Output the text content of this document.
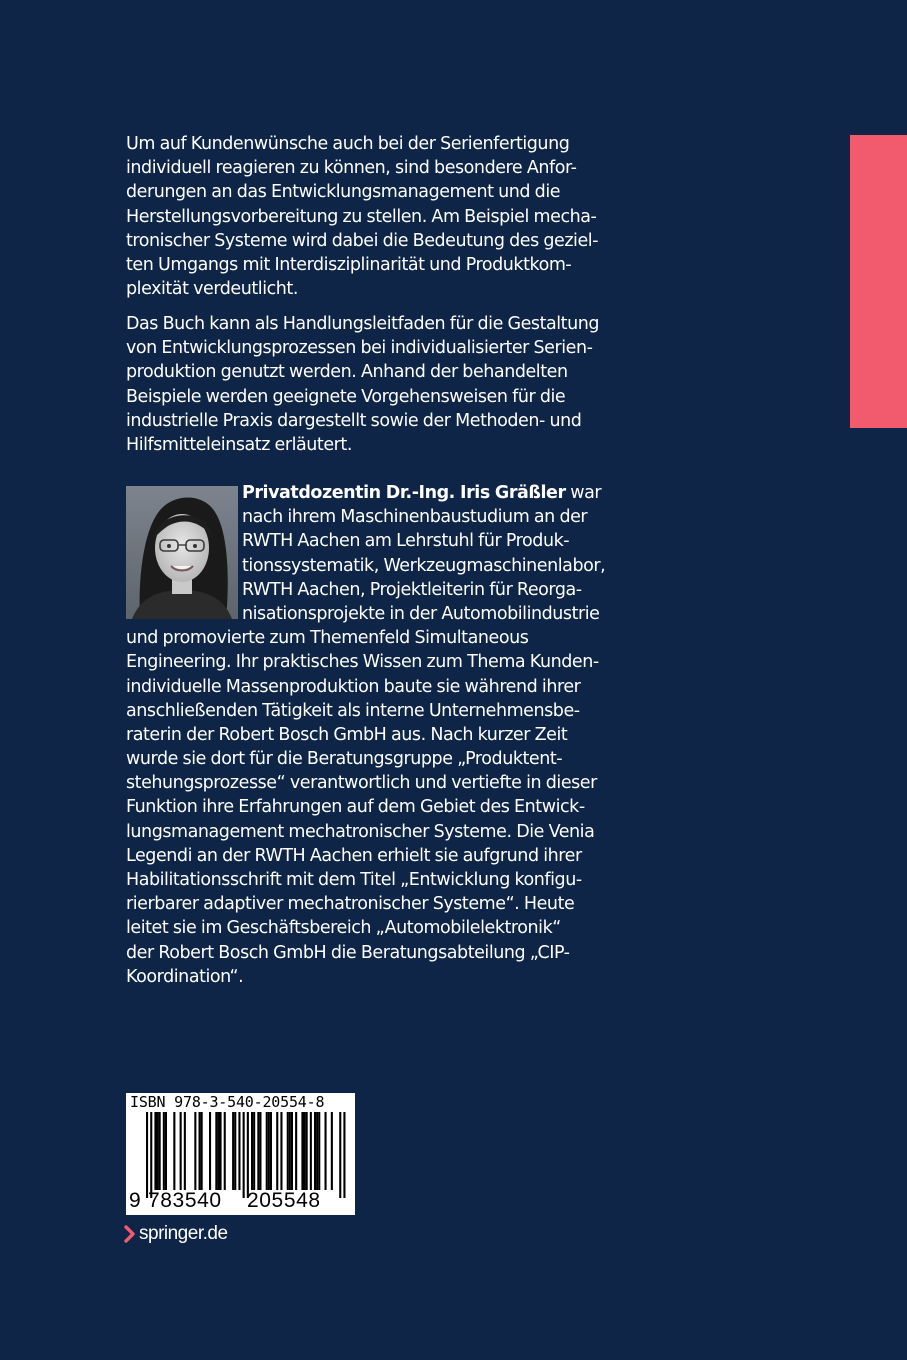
Um auf Kundenwünsche auch bei der Serienfertigung
individuell reagieren zu können, sind besondere Anfor-
derungen an das Entwicklungsmanagement und die
Herstellungsvorbereitung zu stellen. Am Beispiel mecha-
tronischer Systeme wird dabei die Bedeutung des geziel-
ten Umgangs mit Interdisziplinarität und Produktkom-
plexität verdeutlicht.
Das Buch kann als Handlungsleitfaden für die Gestaltung
von Entwicklungsprozessen bei individualisierter Serien-
produktion genutzt werden. Anhand der behandelten
Beispiele werden geeignete Vorgehensweisen für die
industrielle Praxis dargestellt sowie der Methoden- und
Hilfsmitteleinsatz erläutert.
Privatdozentin Dr.-Ing. Iris Gräßler war
nach ihrem Maschinenbaustudium an der
RWTH Aachen am Lehrstuhl für Produk-
tionssystematik, Werkzeugmaschinenlabor,
RWTH Aachen, Projektleiterin für Reorga-
nisationsprojekte in der Automobilindustrie
und promovierte zum Themenfeld Simultaneous
Engineering. Ihr praktisches Wissen zum Thema Kunden-
individuelle Massenproduktion baute sie während ihrer
anschließenden Tätigkeit als interne Unternehmensbe-
raterin der Robert Bosch GmbH aus. Nach kurzer Zeit
wurde sie dort für die Beratungsgruppe „Produktent-
stehungsprozesse“ verantwortlich und vertiefte in dieser
Funktion ihre Erfahrungen auf dem Gebiet des Entwick-
lungsmanagement mechatronischer Systeme. Die Venia
Legendi an der RWTH Aachen erhielt sie aufgrund ihrer
Habilitationsschrift mit dem Titel „Entwicklung konfigu-
rierbarer adaptiver mechatronischer Systeme“. Heute
leitet sie im Geschäftsbereich „Automobilelektronik“
der Robert Bosch GmbH die Beratungsabteilung „CIP-
Koordination“.
ISBN 978-3-540-20554-8
9 783540 205548
springer.de
